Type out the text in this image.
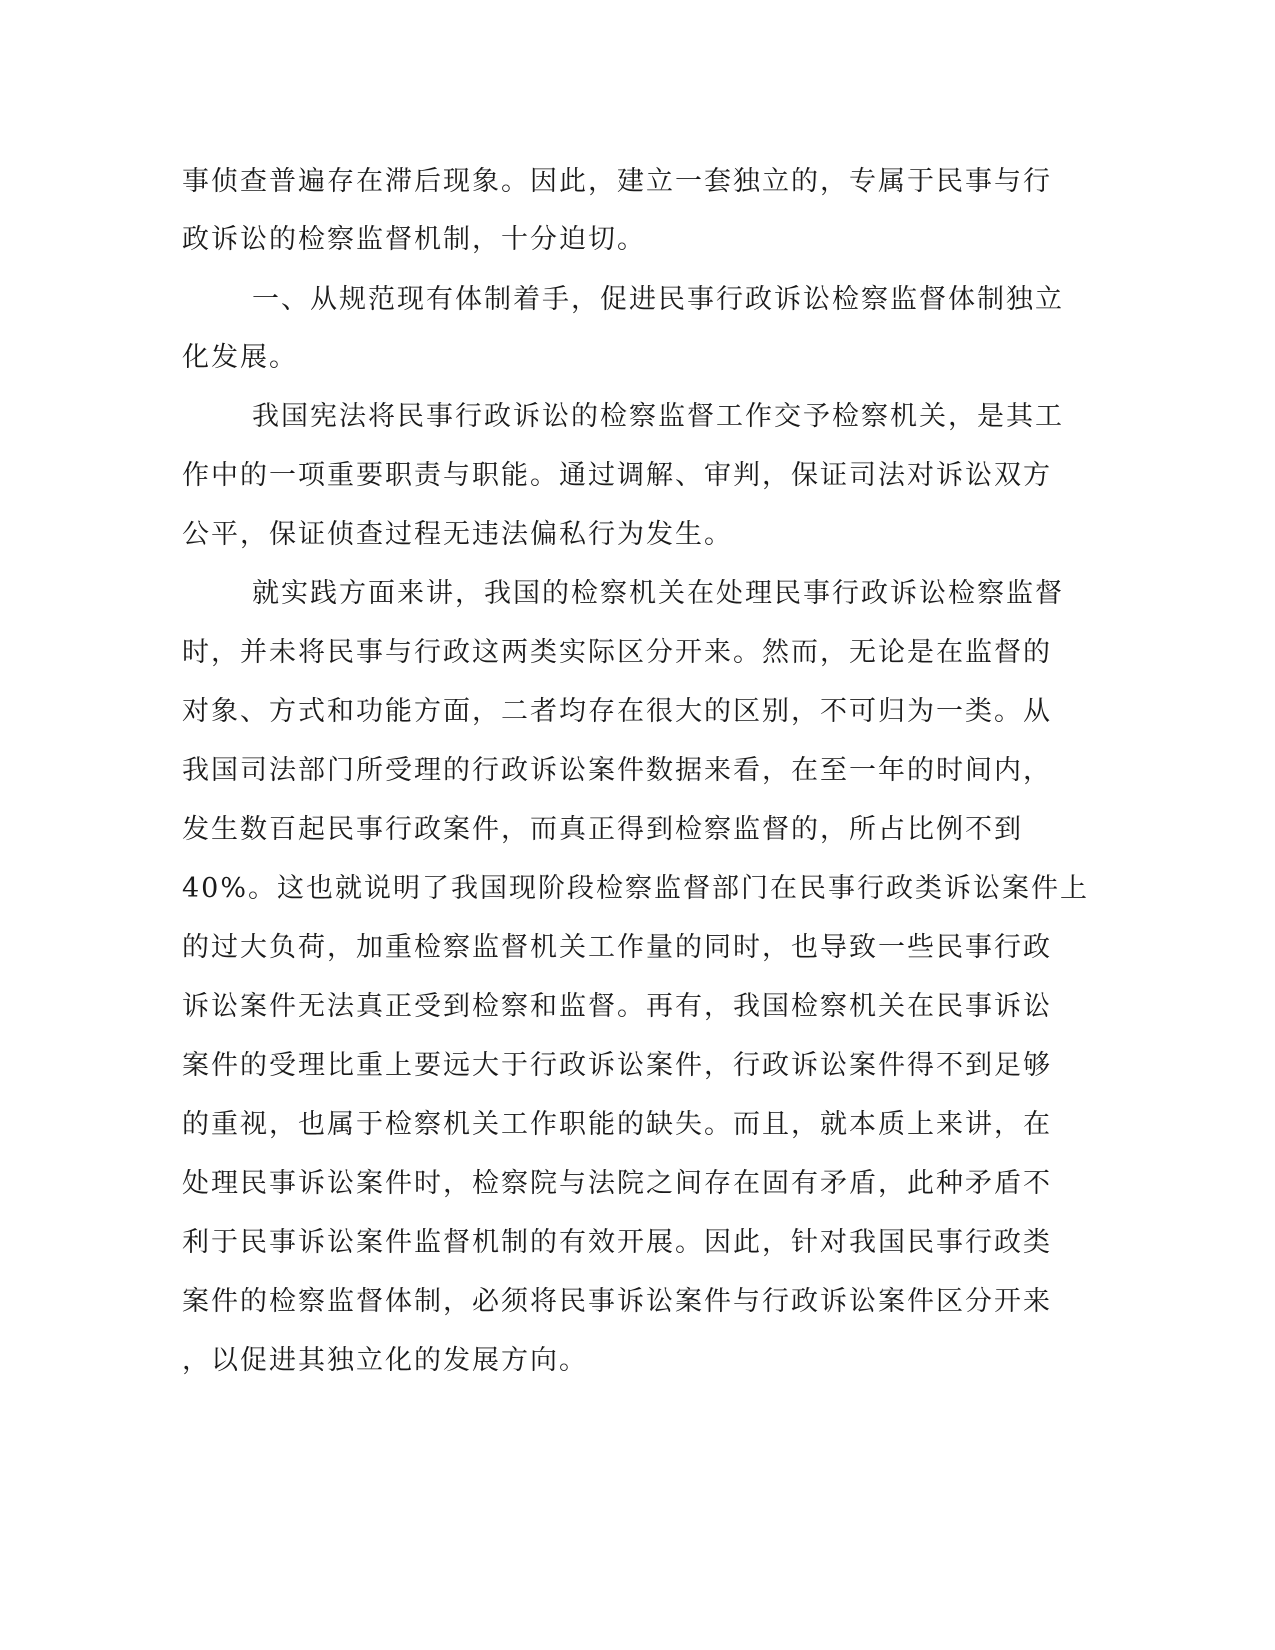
事侦查普遍存在滞后现象。因此，建立一套独立的，专属于民事与行
政诉讼的检察监督机制，十分迫切。
一、从规范现有体制着手，促进民事行政诉讼检察监督体制独立
化发展。
我国宪法将民事行政诉讼的检察监督工作交予检察机关，是其工
作中的一项重要职责与职能。通过调解、审判，保证司法对诉讼双方
公平，保证侦查过程无违法偏私行为发生。
就实践方面来讲，我国的检察机关在处理民事行政诉讼检察监督
时，并未将民事与行政这两类实际区分开来。然而，无论是在监督的
对象、方式和功能方面，二者均存在很大的区别，不可归为一类。从
我国司法部门所受理的行政诉讼案件数据来看，在至一年的时间内，
发生数百起民事行政案件，而真正得到检察监督的，所占比例不到
40%。这也就说明了我国现阶段检察监督部门在民事行政类诉讼案件上
的过大负荷，加重检察监督机关工作量的同时，也导致一些民事行政
诉讼案件无法真正受到检察和监督。再有，我国检察机关在民事诉讼
案件的受理比重上要远大于行政诉讼案件，行政诉讼案件得不到足够
的重视，也属于检察机关工作职能的缺失。而且，就本质上来讲，在
处理民事诉讼案件时，检察院与法院之间存在固有矛盾，此种矛盾不
利于民事诉讼案件监督机制的有效开展。因此，针对我国民事行政类
案件的检察监督体制，必须将民事诉讼案件与行政诉讼案件区分开来
，以促进其独立化的发展方向。
